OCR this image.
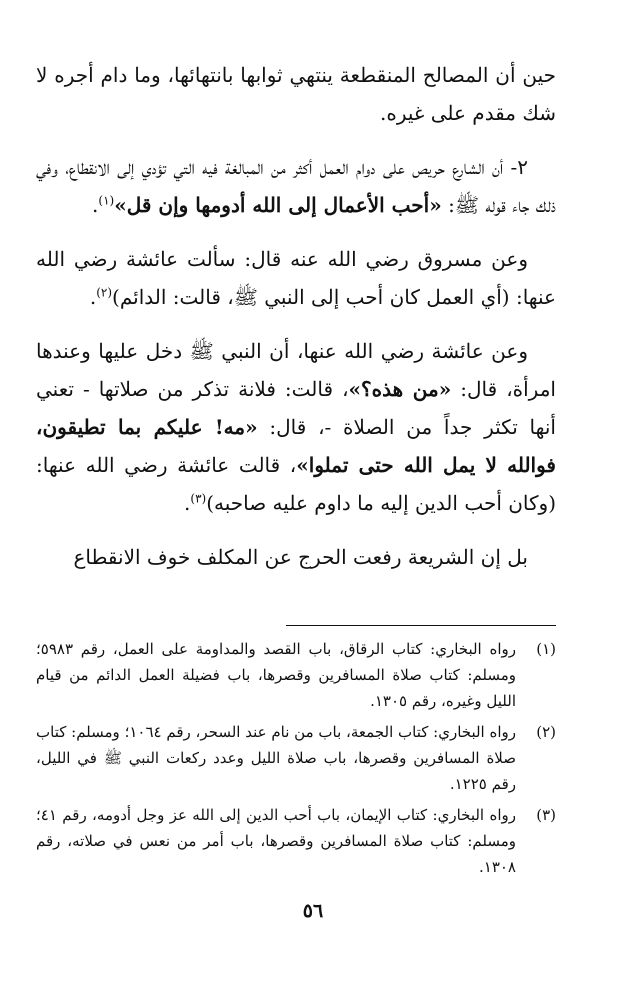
حين أن المصالح المنقطعة ينتهي ثوابها بانتهائها، وما دام أجره لا شك مقدم على غيره.

٢- أن الشارع حريص على دوام العمل أكثر من المبالغة فيه التي تؤدي إلى الانقطاع، وفي ذلك جاء قوله ﷺ: «أحب الأعمال إلى الله أدومها وإن قل»$^{(١)}$.

وعن مسروق رضي الله عنه قال: سألت عائشة رضي الله عنها: (أي العمل كان أحب إلى النبي ﷺ، قالت: الدائم)$^{(٢)}$.

وعن عائشة رضي الله عنها، أن النبي ﷺ دخل عليها وعندها امرأة، قال: «من هذه؟»، قالت: فلانة تذكر من صلاتها - تعني أنها تكثر جداً من الصلاة -، قال: «مه! عليكم بما تطيقون، فوالله لا يمل الله حتى تملوا»، قالت عائشة رضي الله عنها: (وكان أحب الدين إليه ما داوم عليه صاحبه)$^{(٣)}$.

بل إن الشريعة رفعت الحرج عن المكلف خوف الانقطاع

(١)
رواه البخاري: كتاب الرقاق، باب القصد والمداومة على العمل، رقم ٥٩٨٣؛ ومسلم: كتاب صلاة المسافرين وقصرها، باب فضيلة العمل الدائم من قيام الليل وغيره، رقم ١٣٠٥.
(٢)
رواه البخاري: كتاب الجمعة، باب من نام عند السحر، رقم ١٠٦٤؛ ومسلم: كتاب صلاة المسافرين وقصرها، باب صلاة الليل وعدد ركعات النبي ﷺ في الليل، رقم ١٢٢٥.
(٣)
رواه البخاري: كتاب الإيمان، باب أحب الدين إلى الله عز وجل أدومه، رقم ٤١؛ ومسلم: كتاب صلاة المسافرين وقصرها، باب أمر من نعس في صلاته، رقم ١٣٠٨.
٥٦
